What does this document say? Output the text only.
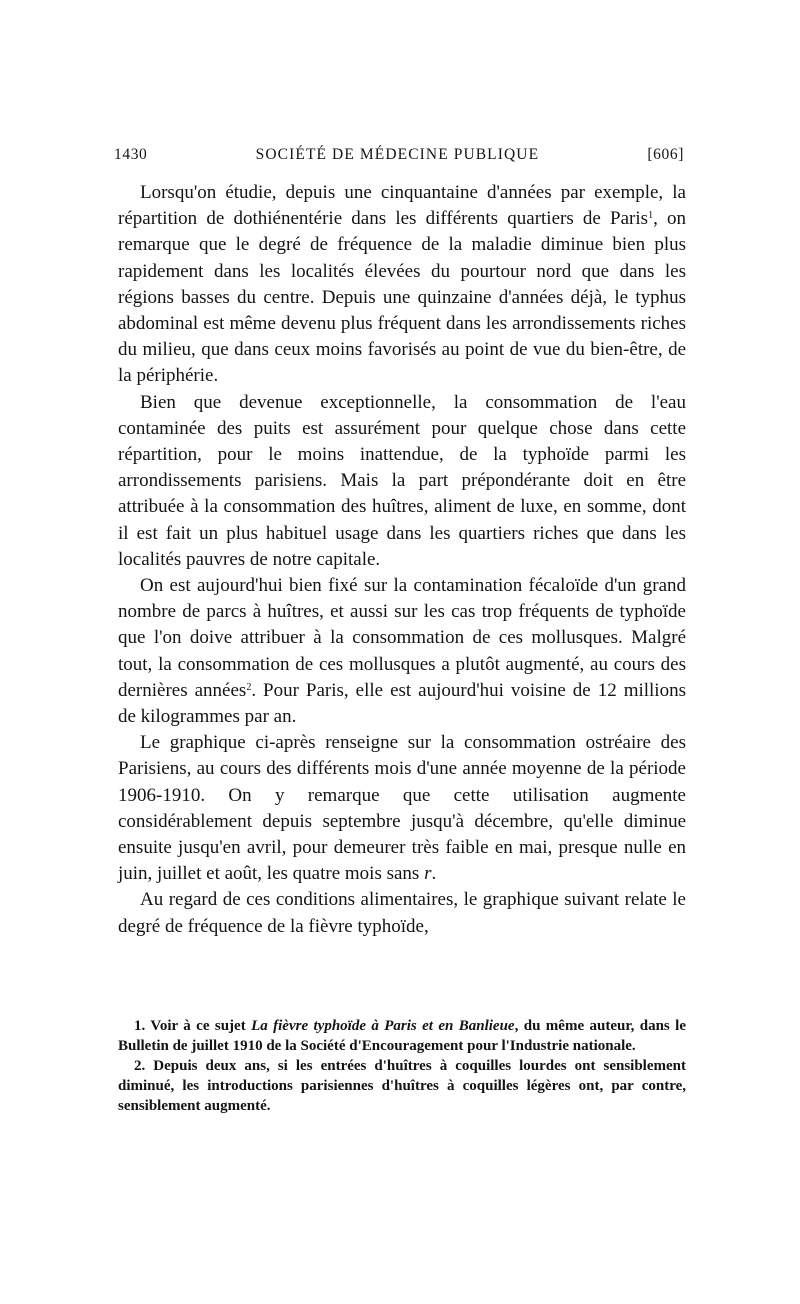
1430	SOCIÉTÉ DE MÉDECINE PUBLIQUE	[606]

Lorsqu'on étudie, depuis une cinquantaine d'années par exemple, la répartition de dothiénentérie dans les différents quartiers de Paris$^1$, on remarque que le degré de fréquence de la maladie diminue bien plus rapidement dans les localités élevées du pourtour nord que dans les régions basses du centre. Depuis une quinzaine d'années déjà, le typhus abdominal est même devenu plus fréquent dans les arrondissements riches du milieu, que dans ceux moins favorisés au point de vue du bien-être, de la périphérie.

Bien que devenue exceptionnelle, la consommation de l'eau contaminée des puits est assurément pour quelque chose dans cette répartition, pour le moins inattendue, de la typhoïde parmi les arrondissements parisiens. Mais la part prépondérante doit en être attribuée à la consommation des huîtres, aliment de luxe, en somme, dont il est fait un plus habituel usage dans les quartiers riches que dans les localités pauvres de notre capitale.

On est aujourd'hui bien fixé sur la contamination fécaloïde d'un grand nombre de parcs à huîtres, et aussi sur les cas trop fréquents de typhoïde que l'on doive attribuer à la consommation de ces mollusques. Malgré tout, la consommation de ces mollusques a plutôt augmenté, au cours des dernières années$^2$. Pour Paris, elle est aujourd'hui voisine de 12 millions de kilogrammes par an.

Le graphique ci-après renseigne sur la consommation ostréaire des Parisiens, au cours des différents mois d'une année moyenne de la période 1906-1910. On y remarque que cette utilisation augmente considérablement depuis septembre jusqu'à décembre, qu'elle diminue ensuite jusqu'en avril, pour demeurer très faible en mai, presque nulle en juin, juillet et août, les quatre mois sans r.

Au regard de ces conditions alimentaires, le graphique suivant relate le degré de fréquence de la fièvre typhoïde,

1. Voir à ce sujet La fièvre typhoïde à Paris et en Banlieue, du même auteur, dans le Bulletin de juillet 1910 de la Société d'Encouragement pour l'Industrie nationale.

2. Depuis deux ans, si les entrées d'huîtres à coquilles lourdes ont sensiblement diminué, les introductions parisiennes d'huîtres à coquilles légères ont, par contre, sensiblement augmenté.
